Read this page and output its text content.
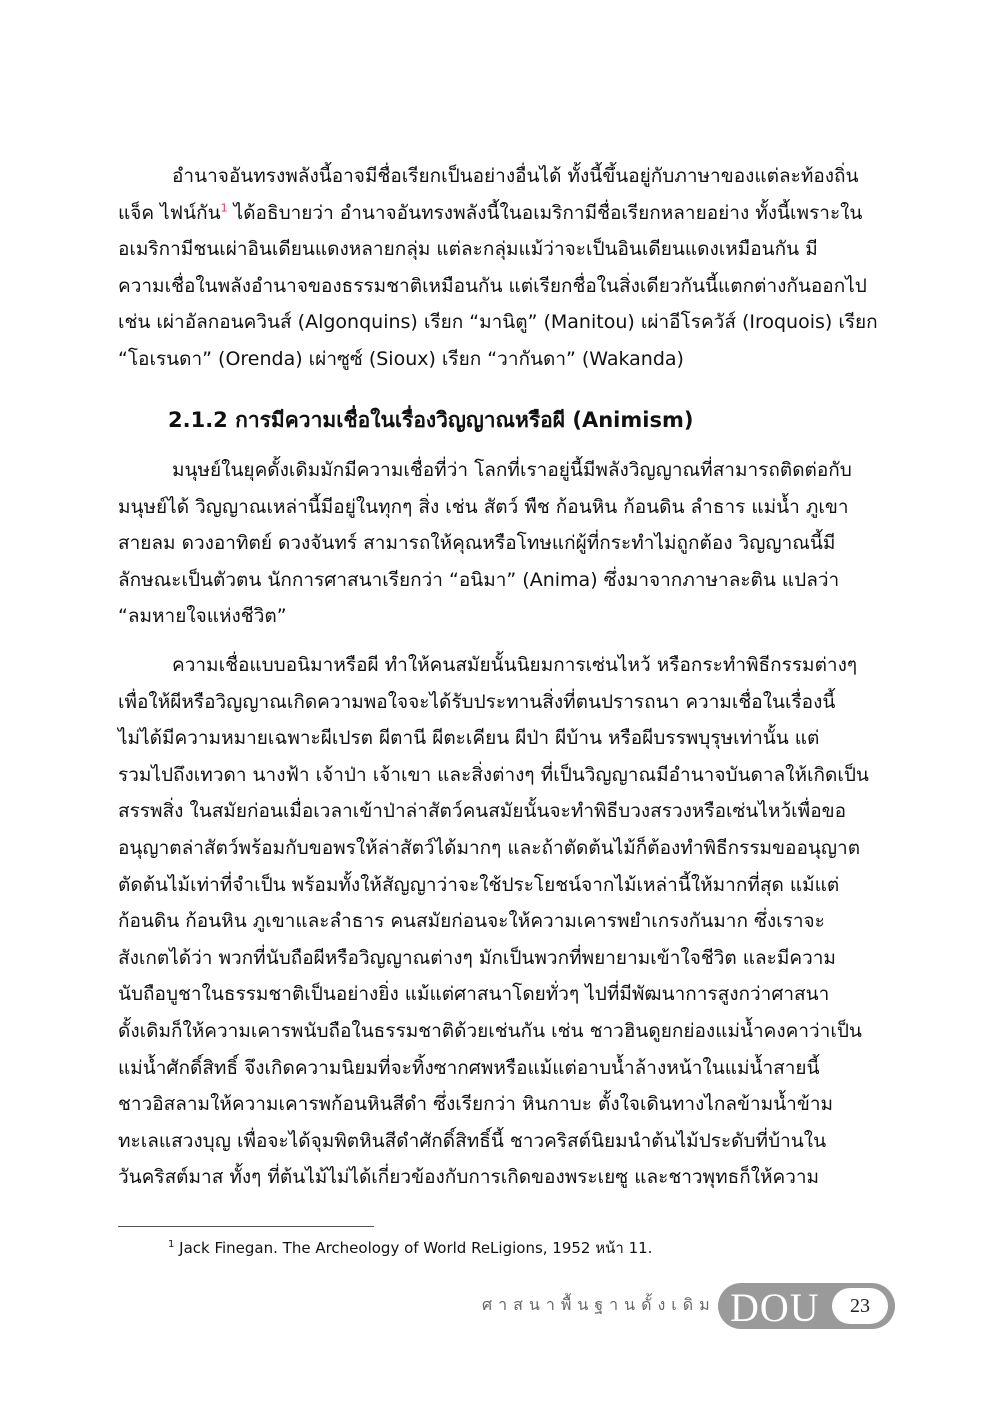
อำนาจอันทรงพลังนี้อาจมีชื่อเรียกเป็นอย่างอื่นได้ ทั้งนี้ขึ้นอยู่กับภาษาของแต่ละท้องถิ่น
แจ็ค ไฟน์กัน$^1$ ได้อธิบายว่า อำนาจอันทรงพลังนี้ในอเมริกามีชื่อเรียกหลายอย่าง ทั้งนี้เพราะใน
อเมริกามีชนเผ่าอินเดียนแดงหลายกลุ่ม แต่ละกลุ่มแม้ว่าจะเป็นอินเดียนแดงเหมือนกัน มี
ความเชื่อในพลังอำนาจของธรรมชาติเหมือนกัน แต่เรียกชื่อในสิ่งเดียวกันนี้แตกต่างกันออกไป
เช่น เผ่าอัลกอนควินส์ (Algonquins) เรียก “มานิตู” (Manitou) เผ่าอีโรควัส์ (Iroquois) เรียก
“โอเรนดา” (Orenda) เผ่าซูซ์ (Sioux) เรียก “วากันดา” (Wakanda)
2.1.2 การมีความเชื่อในเรื่องวิญญาณหรือผี (Animism)
มนุษย์ในยุคดั้งเดิมมักมีความเชื่อที่ว่า โลกที่เราอยู่นี้มีพลังวิญญาณที่สามารถติดต่อกับ
มนุษย์ได้ วิญญาณเหล่านี้มีอยู่ในทุกๆ สิ่ง เช่น สัตว์ พืช ก้อนหิน ก้อนดิน ลำธาร แม่น้ำ ภูเขา
สายลม ดวงอาทิตย์ ดวงจันทร์ สามารถให้คุณหรือโทษแก่ผู้ที่กระทำไม่ถูกต้อง วิญญาณนี้มี
ลักษณะเป็นตัวตน นักการศาสนาเรียกว่า “อนิมา” (Anima) ซึ่งมาจากภาษาละติน แปลว่า
“ลมหายใจแห่งชีวิต”
ความเชื่อแบบอนิมาหรือผี ทำให้คนสมัยนั้นนิยมการเซ่นไหว้ หรือกระทำพิธีกรรมต่างๆ
เพื่อให้ผีหรือวิญญาณเกิดความพอใจจะได้รับประทานสิ่งที่ตนปรารถนา ความเชื่อในเรื่องนี้
ไม่ได้มีความหมายเฉพาะผีเปรต ผีตานี ผีตะเคียน ผีป่า ผีบ้าน หรือผีบรรพบุรุษเท่านั้น แต่
รวมไปถึงเทวดา นางฟ้า เจ้าป่า เจ้าเขา และสิ่งต่างๆ ที่เป็นวิญญาณมีอำนาจบันดาลให้เกิดเป็น
สรรพสิ่ง ในสมัยก่อนเมื่อเวลาเข้าป่าล่าสัตว์คนสมัยนั้นจะทำพิธีบวงสรวงหรือเซ่นไหว้เพื่อขอ
อนุญาตล่าสัตว์พร้อมกับขอพรให้ล่าสัตว์ได้มากๆ และถ้าตัดต้นไม้ก็ต้องทำพิธีกรรมขออนุญาต
ตัดต้นไม้เท่าที่จำเป็น พร้อมทั้งให้สัญญาว่าจะใช้ประโยชน์จากไม้เหล่านี้ให้มากที่สุด แม้แต่
ก้อนดิน ก้อนหิน ภูเขาและลำธาร คนสมัยก่อนจะให้ความเคารพยำเกรงกันมาก ซึ่งเราจะ
สังเกตได้ว่า พวกที่นับถือผีหรือวิญญาณต่างๆ มักเป็นพวกที่พยายามเข้าใจชีวิต และมีความ
นับถือบูชาในธรรมชาติเป็นอย่างยิ่ง แม้แต่ศาสนาโดยทั่วๆ ไปที่มีพัฒนาการสูงกว่าศาสนา
ดั้งเดิมก็ให้ความเคารพนับถือในธรรมชาติด้วยเช่นกัน เช่น ชาวฮินดูยกย่องแม่น้ำคงคาว่าเป็น
แม่น้ำศักดิ์สิทธิ์ จึงเกิดความนิยมที่จะทิ้งซากศพหรือแม้แต่อาบน้ำล้างหน้าในแม่น้ำสายนี้
ชาวอิสลามให้ความเคารพก้อนหินสีดำ ซึ่งเรียกว่า หินกาบะ ตั้งใจเดินทางไกลข้ามน้ำข้าม
ทะเลแสวงบุญ เพื่อจะได้จุมพิตหินสีดำศักดิ์สิทธิ์นี้ ชาวคริสต์นิยมนำต้นไม้ประดับที่บ้านใน
วันคริสต์มาส ทั้งๆ ที่ต้นไม้ไม่ได้เกี่ยวข้องกับการเกิดของพระเยซู และชาวพุทธก็ให้ความ
$^1$ Jack Finegan. The Archeology of World ReLigions, 1952 หน้า 11.
ศาสนาพื้นฐานดั้งเดิม DOU	23
